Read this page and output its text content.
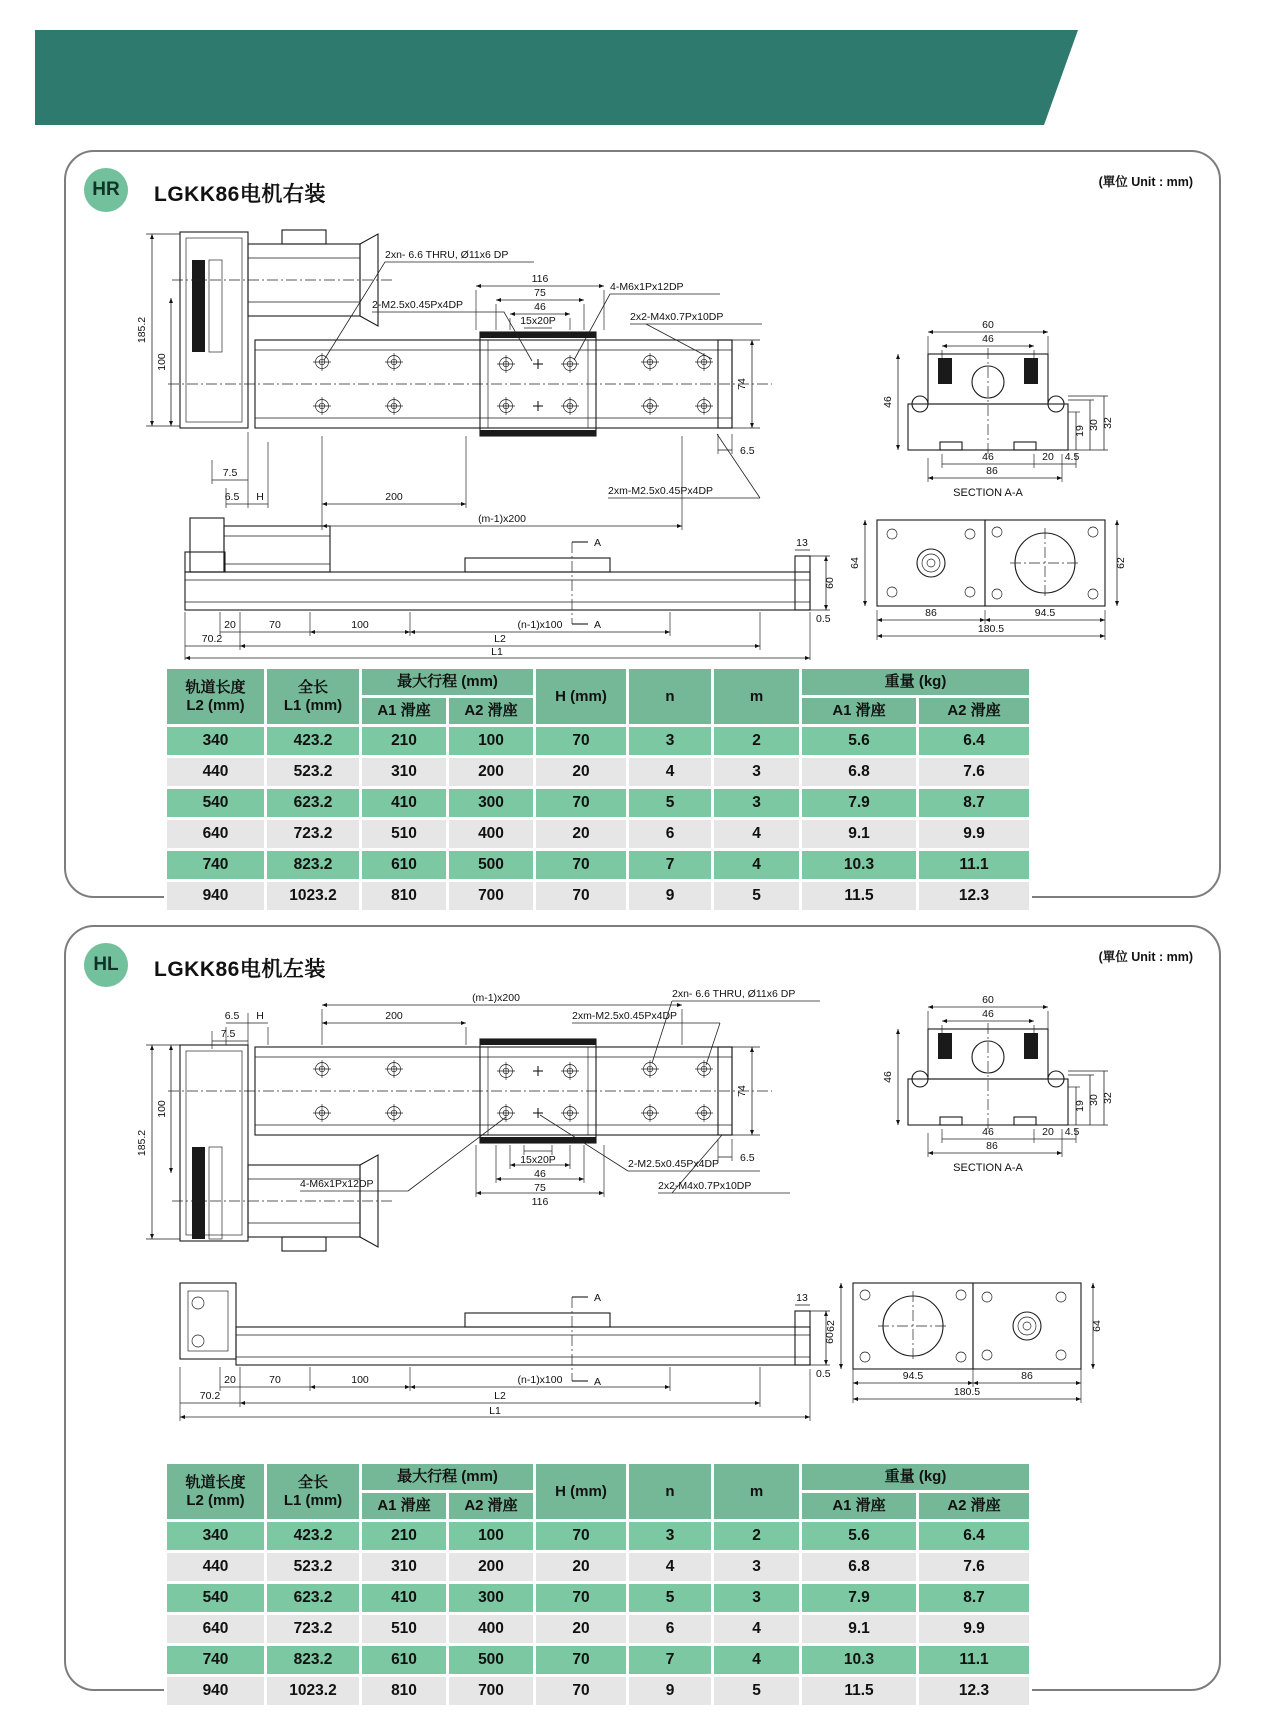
HR	LGKK86电机右装
(單位 Unit : mm)
116
75
46
15x20P
2xn- 6.6 THRU, Ø11x6 DP
2-M2.5x0.45Px4DP
4-M6x1Px12DP
2x2-M4x0.7Px10DP
74
6.5
185.2
100
7.5
6.5 H	200
(m-1)x200
2xm-M2.5x0.45Px4DP
60
46
46
19
30 32
46	20 4.5
86
SECTION A-A
13
60
0.5
A
A
20	70	100	(n-1)x100
70.2	L2
L1
64	62
86	94.5
180.5
轨道长度
L2 (mm)

全长
L1 (mm)
	最大行程 (mm)	H (mm)	n	m	重量 (kg)
		A1 滑座	A2 滑座				A1 滑座	A2 滑座
340	423.2	210	100	70	3	2	5.6	6.4
440	523.2	310	200	20	4	3	6.8	7.6
540	623.2	410	300	70	5	3	7.9	8.7
640	723.2	510	400	20	6	4	9.1	9.9
740	823.2	610	500	70	7	4	10.3	11.1
940	1023.2	810	700	70	9	5	11.5	12.3
HL	LGKK86电机左装
(單位 Unit : mm)
(m-1)x200
200
2xn- 6.6 THRU, Ø11x6 DP
2xm-M2.5x0.45Px4DP
6.5 H
7.5
185.2
100
74
6.5
15x20P
46
75
116
4-M6x1Px12DP
2-M2.5x0.45Px4DP
2x2-M4x0.7Px10DP
60
46
46
19
30 32
46	20 4.5
86
SECTION A-A
13
60
0.5
A
A
20	70	100	(n-1)x100
70.2	L2
L1
62	64
94.5	86
180.5
轨道长度
L2 (mm)

全长
L1 (mm)
	最大行程 (mm)	H (mm)	n	m	重量 (kg)
		A1 滑座	A2 滑座				A1 滑座	A2 滑座
340	423.2	210	100	70	3	2	5.6	6.4
440	523.2	310	200	20	4	3	6.8	7.6
540	623.2	410	300	70	5	3	7.9	8.7
640	723.2	510	400	20	6	4	9.1	9.9
740	823.2	610	500	70	7	4	10.3	11.1
940	1023.2	810	700	70	9	5	11.5	12.3
